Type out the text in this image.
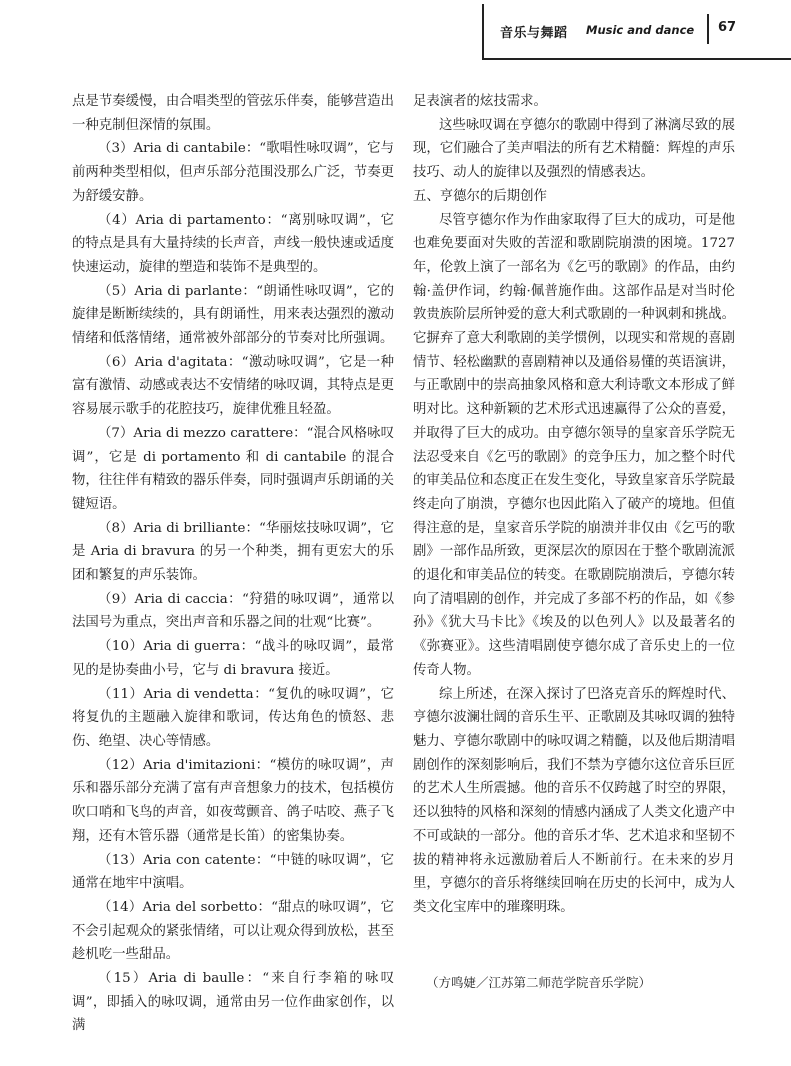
音乐与舞蹈 Music and dance 67

点是节奏缓慢，由合唱类型的管弦乐伴奏，能够营造出一种克制但深情的氛围。

（3）Aria di cantabile：“歌唱性咏叹调”，它与前两种类型相似，但声乐部分范围没那么广泛，节奏更为舒缓安静。

（4）Aria di partamento：“离别咏叹调”，它的特点是具有大量持续的长声音，声线一般快速或适度快速运动，旋律的塑造和装饰不是典型的。

（5）Aria di parlante：“朗诵性咏叹调”，它的旋律是断断续续的，具有朗诵性，用来表达强烈的激动情绪和低落情绪，通常被外部部分的节奏对比所强调。

（6）Aria d'agitata：“激动咏叹调”，它是一种富有激情、动感或表达不安情绪的咏叹调，其特点是更容易展示歌手的花腔技巧，旋律优雅且轻盈。

（7）Aria di mezzo carattere：“混合风格咏叹调”，它是 di portamento 和 di cantabile 的混合物，往往伴有精致的器乐伴奏，同时强调声乐朗诵的关键短语。

（8）Aria di brilliante：“华丽炫技咏叹调”，它是 Aria di bravura 的另一个种类，拥有更宏大的乐团和繁复的声乐装饰。

（9）Aria di caccia：“狩猎的咏叹调”，通常以法国号为重点，突出声音和乐器之间的壮观“比赛”。

（10）Aria di guerra：“战斗的咏叹调”，最常见的是协奏曲小号，它与 di bravura 接近。

（11）Aria di vendetta：“复仇的咏叹调”，它将复仇的主题融入旋律和歌词，传达角色的愤怒、悲伤、绝望、决心等情感。

（12）Aria d'imitazioni：“模仿的咏叹调”，声乐和器乐部分充满了富有声音想象力的技术，包括模仿吹口哨和飞鸟的声音，如夜莺颤音、鸽子咕咬、燕子飞翔，还有木管乐器（通常是长笛）的密集协奏。

（13）Aria con catente：“中链的咏叹调”，它通常在地牢中演唱。

（14）Aria del sorbetto：“甜点的咏叹调”，它不会引起观众的紧张情绪，可以让观众得到放松，甚至趁机吃一些甜品。

（15）Aria di baulle：“来自行李箱的咏叹调”，即插入的咏叹调，通常由另一位作曲家创作，以满

足表演者的炫技需求。

这些咏叹调在亨德尔的歌剧中得到了淋漓尽致的展现，它们融合了美声唱法的所有艺术精髓：辉煌的声乐技巧、动人的旋律以及强烈的情感表达。

五、亨德尔的后期创作

尽管亨德尔作为作曲家取得了巨大的成功，可是他也难免要面对失败的苦涩和歌剧院崩溃的困境。1727 年，伦敦上演了一部名为《乞丐的歌剧》的作品，由约翰·盖伊作词，约翰·佩普施作曲。这部作品是对当时伦敦贵族阶层所钟爱的意大利式歌剧的一种讽刺和挑战。它摒弃了意大利歌剧的美学惯例，以现实和常规的喜剧情节、轻松幽默的喜剧精神以及通俗易懂的英语演讲，与正歌剧中的崇高抽象风格和意大利诗歌文本形成了鲜明对比。这种新颖的艺术形式迅速赢得了公众的喜爱，并取得了巨大的成功。由亨德尔领导的皇家音乐学院无法忍受来自《乞丐的歌剧》的竞争压力，加之整个时代的审美品位和态度正在发生变化，导致皇家音乐学院最终走向了崩溃，亨德尔也因此陷入了破产的境地。但值得注意的是，皇家音乐学院的崩溃并非仅由《乞丐的歌剧》一部作品所致，更深层次的原因在于整个歌剧流派的退化和审美品位的转变。在歌剧院崩溃后，亨德尔转向了清唱剧的创作，并完成了多部不朽的作品，如《参孙》《犹大马卡比》《埃及的以色列人》以及最著名的《弥赛亚》。这些清唱剧使亨德尔成了音乐史上的一位传奇人物。

综上所述，在深入探讨了巴洛克音乐的辉煌时代、亨德尔波澜壮阔的音乐生平、正歌剧及其咏叹调的独特魅力、亨德尔歌剧中的咏叹调之精髓，以及他后期清唱剧创作的深刻影响后，我们不禁为亨德尔这位音乐巨匠的艺术人生所震撼。他的音乐不仅跨越了时空的界限，还以独特的风格和深刻的情感内涵成了人类文化遗产中不可或缺的一部分。他的音乐才华、艺术追求和坚韧不拔的精神将永远激励着后人不断前行。在未来的岁月里，亨德尔的音乐将继续回响在历史的长河中，成为人类文化宝库中的璀璨明珠。

（方鸣婕／江苏第二师范学院音乐学院）
